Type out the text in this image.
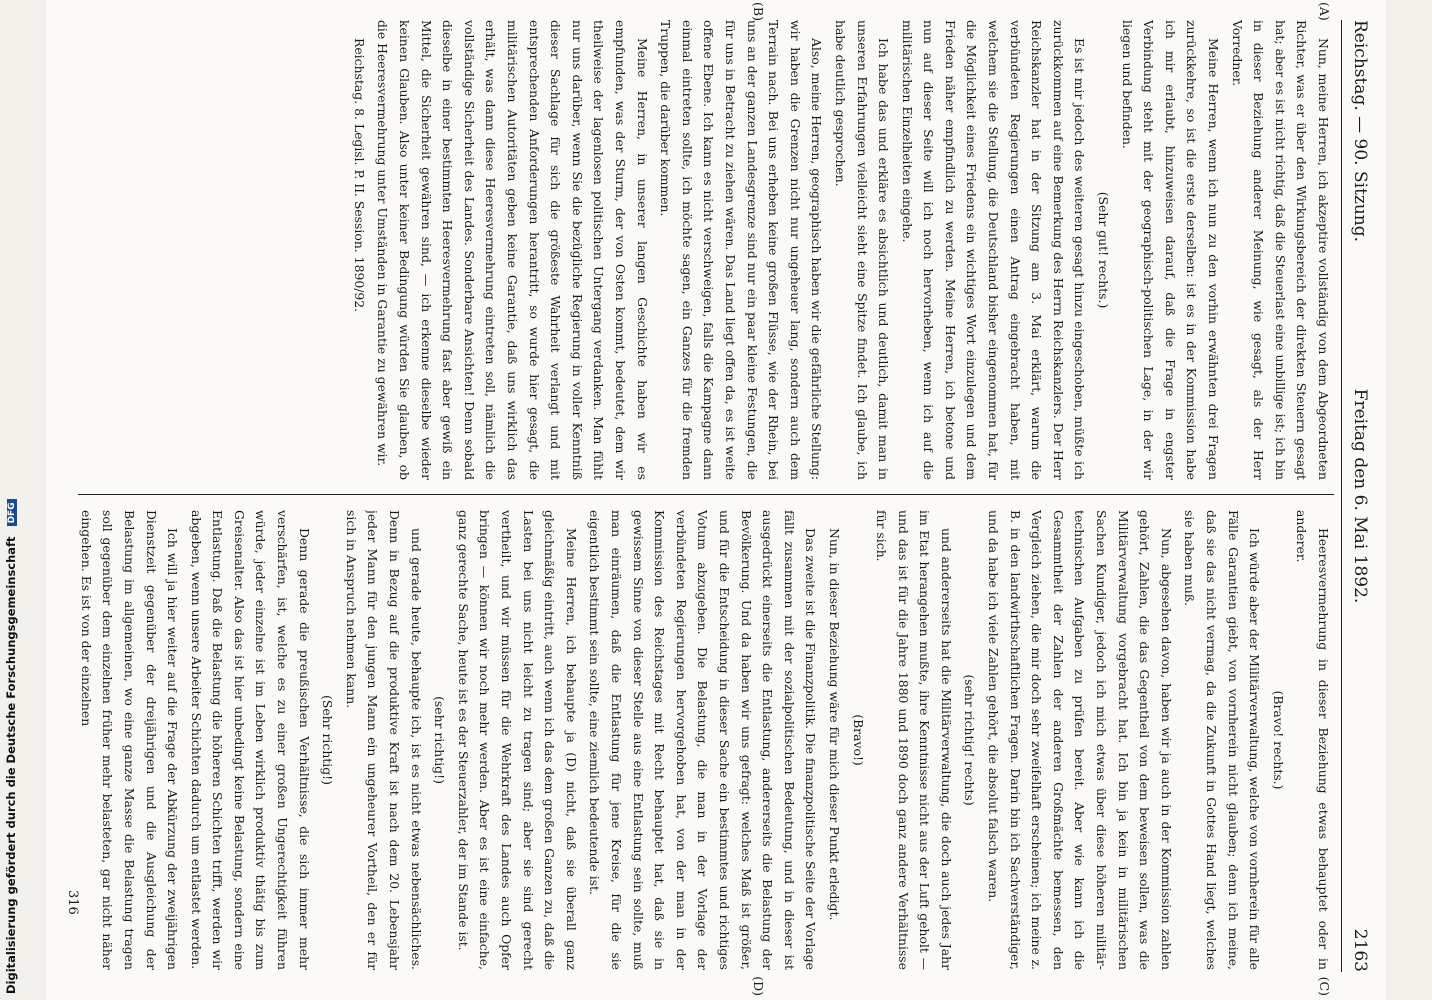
Reichstag. — 90. Sitzung.
Freitag den 6. Mai 1892.
2163
(A)
(B)
(C)
(D)

Nun, meine Herren, ich akzeptire vollständig von dem Abgeordneten Richter, was er über den Wirkungsbereich der direkten Steuern gesagt hat; aber es ist nicht richtig, daß die Steuerlast eine unbillige ist; ich bin in dieser Beziehung anderer Meinung, wie gesagt, als der Herr Vorredner.

Meine Herren, wenn ich nun zu den vorhin erwähnten drei Fragen zurückkehre, so ist die erste derselben: ist es in der Kommission habe ich mir erlaubt, hinzuweisen darauf, daß die Frage in engster Verbindung steht mit der geographisch-politischen Lage, in der wir liegen und befinden.

(Sehr gut! rechts.)

Es ist mir jedoch des weiteren gesagt hinzu eingeschoben, müßte ich zurückkommen auf eine Bemerkung des Herrn Reichskanzlers. Der Herr Reichskanzler hat in der Sitzung am 3. Mai erklärt, warum die verbündeten Regierungen einen Antrag eingebracht haben, mit welchem sie die Stellung, die Deutschland bisher eingenommen hat, für die Möglichkeit eines Friedens ein wichtiges Wort einzulegen und dem Frieden näher empfindlich zu werden. Meine Herren, ich betone und nun auf dieser Seite will ich noch hervorheben, wenn ich auf die militärischen Einzelheiten eingehe.

Ich habe das und erkläre es absichtlich und deutlich, damit man in unseren Erfahrungen vielleicht sieht eine Spitze findet. Ich glaube, ich habe deutlich gesprochen.

Also, meine Herren, geographisch haben wir die gefährliche Stellung: wir haben die Grenzen nicht nur ungeheuer lang, sondern auch dem Terrain nach. Bei uns erheben keine großen Flüsse, wie der Rhein, bei uns an der ganzen Landesgrenze sind nur ein paar kleine Festungen, die für uns in Betracht zu ziehen wären. Das Land liegt offen da, es ist weite offene Ebene. Ich kann es nicht verschweigen, falls die Kampagne dann einmal eintreten sollte, ich möchte sagen, ein Ganzes für die fremden Truppen, die darüber kommen.

Meine Herren, in unserer langen Geschichte haben wir es empfunden, was der Sturm, der von Osten kommt, bedeutet, dem wir theilweise der lagenlosen politischen Untergang verdanken. Man fühlt nur uns darüber, wenn Sie die bezügliche Regierung in voller Kenntniß dieser Sachlage für sich die größeste Wahrheit verlangt und mit entsprechenden Anforderungen herantritt, so wurde hier gesagt, die militärischen Autoritäten geben keine Garantie, daß uns wirklich das erhält, was dann diese Heeresvermehrung eintreten soll, nämlich die vollständige Sicherheit des Landes. Sonderbare Ansichten! Denn sobald dieselbe in einer bestimmten Heeresvermehrung fast aber gewiß ein Mittel, die Sicherheit gewähren sind, — ich erkenne dieselbe wieder keinen Glauben. Also unter keiner Bedingung würden Sie glauben, ob die Heeresvermehrung unter Umständen in Garantie zu gewähren wir.

Reichstag. 8. Legisl. P. II. Session. 1890/92.

Heeresvermehrung in dieser Beziehung etwas behauptet oder in anderer.

(Bravo! rechts.)

Ich würde aber der Militärverwaltung, welche von vornherein für alle Fälle Garantien giebt, von vornherein nicht glauben; denn ich meine, daß sie das nicht vermag, da die Zukunft in Gottes Hand liegt, welches sie haben muß.

Nun, abgesehen davon, haben wir ja auch in der Kommission zahlen gehört, Zahlen, die das Gegentheil von dem beweisen sollen, was die Militärverwaltung vorgebracht hat. Ich bin ja kein in militärischen Sachen Kundiger, jedoch ich mich etwas über diese höheren militär-technischen Aufgaben zu prüfen bereit. Aber wie kann ich die Gesammtheit der Zahlen der anderen Großmächte bemessen, den Vergleich ziehen, die mir doch sehr zweifelhaft erscheinen; ich meine z. B. in den landwirthschaftlichen Fragen. Darin bin ich Sachverständiger, und da habe ich viele Zahlen gehört, die absolut falsch waren.

(sehr richtig! rechts)

und andererseits hat die Militärverwaltung, die doch auch jedes Jahr im Etat herangehen mußte, ihre Kenntnisse nicht aus der Luft geholt — und das ist für die Jahre 1880 und 1890 doch ganz andere Verhältnisse für sich.

(Bravo!)

Nun, in dieser Beziehung wäre für mich dieser Punkt erledigt.

Das zweite ist die Finanzpolitik. Die finanzpolitische Seite der Vorlage fällt zusammen mit der sozialpolitischen Bedeutung, und in dieser ist ausgedrückt einerseits die Entlastung, andererseits die Belastung der Bevölkerung. Und da haben wir uns gefragt: welches Maß ist größer, und für die Entscheidung in dieser Sache ein bestimmtes und richtiges Votum abzugeben. Die Belastung, die man in der Vorlage der verbündeten Regierungen hervorgehoben hat, von der man in der Kommission des Reichstages mit Recht behauptet hat, daß sie in gewissem Sinne von dieser Stelle aus eine Entlastung sein sollte, muß man einräumen, daß die Entlastung für jene Kreise, für die sie eigentlich bestimmt sein sollte, eine ziemlich bedeutende ist.

Meine Herren, ich behaupte ja (D) nicht, daß sie überall ganz gleichmäßig eintritt, auch wenn ich das dem großen Ganzen zu, daß die Lasten bei uns nicht leicht zu tragen sind; aber sie sind gerecht vertheilt, und wir müssen für die Wehrkraft des Landes auch Opfer bringen — können wir noch mehr werden. Aber es ist eine einfache, ganz gerechte Sache, heute ist es der Steuerzahler, der im Stande ist.

(sehr richtig!)

und gerade heute, behaupte ich, ist es nicht etwas nebensächliches. Denn in Bezug auf die produktive Kraft ist nach dem 20. Lebensjahr jeder Mann für den jungen Mann ein ungeheurer Vortheil, den er für sich in Anspruch nehmen kann.

(Sehr richtig!)

Denn gerade die preußischen Verhältnisse, die sich immer mehr verschärfen, ist, welche es zu einer großen Ungerechtigkeit führen würde, jeder einzelne ist im Leben wirklich produktiv thätig bis zum Greisenalter. Also das ist hier unbedingt keine Belastung, sondern eine Entlastung. Daß die Belastung die höheren Schichten trifft, werden wir abgeben, wenn unsere Arbeiter Schichten dadurch um entlastet werden.

Ich will ja hier weiter auf die Frage der Abkürzung der zweijährigen Dienstzeit gegenüber der dreijährigen und die Ausgleichung der Belastung im allgemeinen, wo eine ganze Masse die Belastung tragen soll gegenüber dem einzelnen früher mehr belasteten, gar nicht näher eingehen. Es ist von der einzelnen

316
Digitalisierung gefördert durch die Deutsche Forschungsgemeinschaft DFG
